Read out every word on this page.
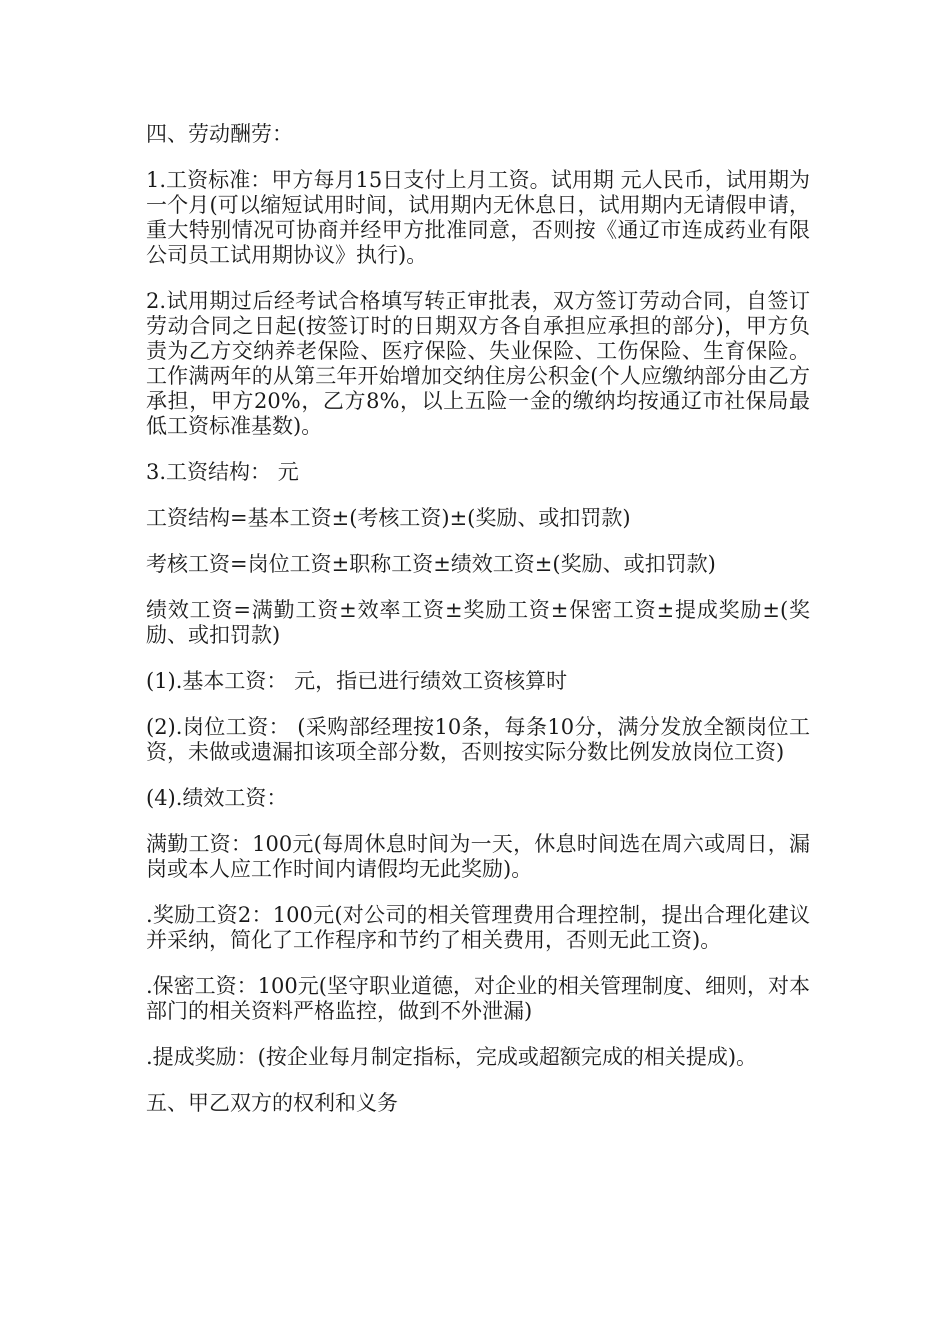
四、劳动酬劳：

1.工资标准：甲方每月15日支付上月工资。试用期 元人民币，试用期为一个月(可以缩短试用时间，试用期内无休息日，试用期内无请假申请，重大特别情况可协商并经甲方批准同意，否则按《通辽市连成药业有限公司员工试用期协议》执行)。

2.试用期过后经考试合格填写转正审批表，双方签订劳动合同，自签订劳动合同之日起(按签订时的日期双方各自承担应承担的部分)，甲方负责为乙方交纳养老保险、医疗保险、失业保险、工伤保险、生育保险。工作满两年的从第三年开始增加交纳住房公积金(个人应缴纳部分由乙方承担，甲方20%，乙方8%，以上五险一金的缴纳均按通辽市社保局最低工资标准基数)。

3.工资结构： 元

工资结构=基本工资±(考核工资)±(奖励、或扣罚款)

考核工资=岗位工资±职称工资±绩效工资±(奖励、或扣罚款)

绩效工资=满勤工资±效率工资±奖励工资±保密工资±提成奖励±(奖励、或扣罚款)

(1).基本工资： 元，指已进行绩效工资核算时

(2).岗位工资： (采购部经理按10条，每条10分，满分发放全额岗位工资，未做或遗漏扣该项全部分数，否则按实际分数比例发放岗位工资)

(4).绩效工资：

满勤工资：100元(每周休息时间为一天，休息时间选在周六或周日，漏岗或本人应工作时间内请假均无此奖励)。

.奖励工资2：100元(对公司的相关管理费用合理控制，提出合理化建议并采纳，简化了工作程序和节约了相关费用，否则无此工资)。

.保密工资：100元(坚守职业道德，对企业的相关管理制度、细则，对本部门的相关资料严格监控，做到不外泄漏)

.提成奖励：(按企业每月制定指标，完成或超额完成的相关提成)。

五、甲乙双方的权利和义务
